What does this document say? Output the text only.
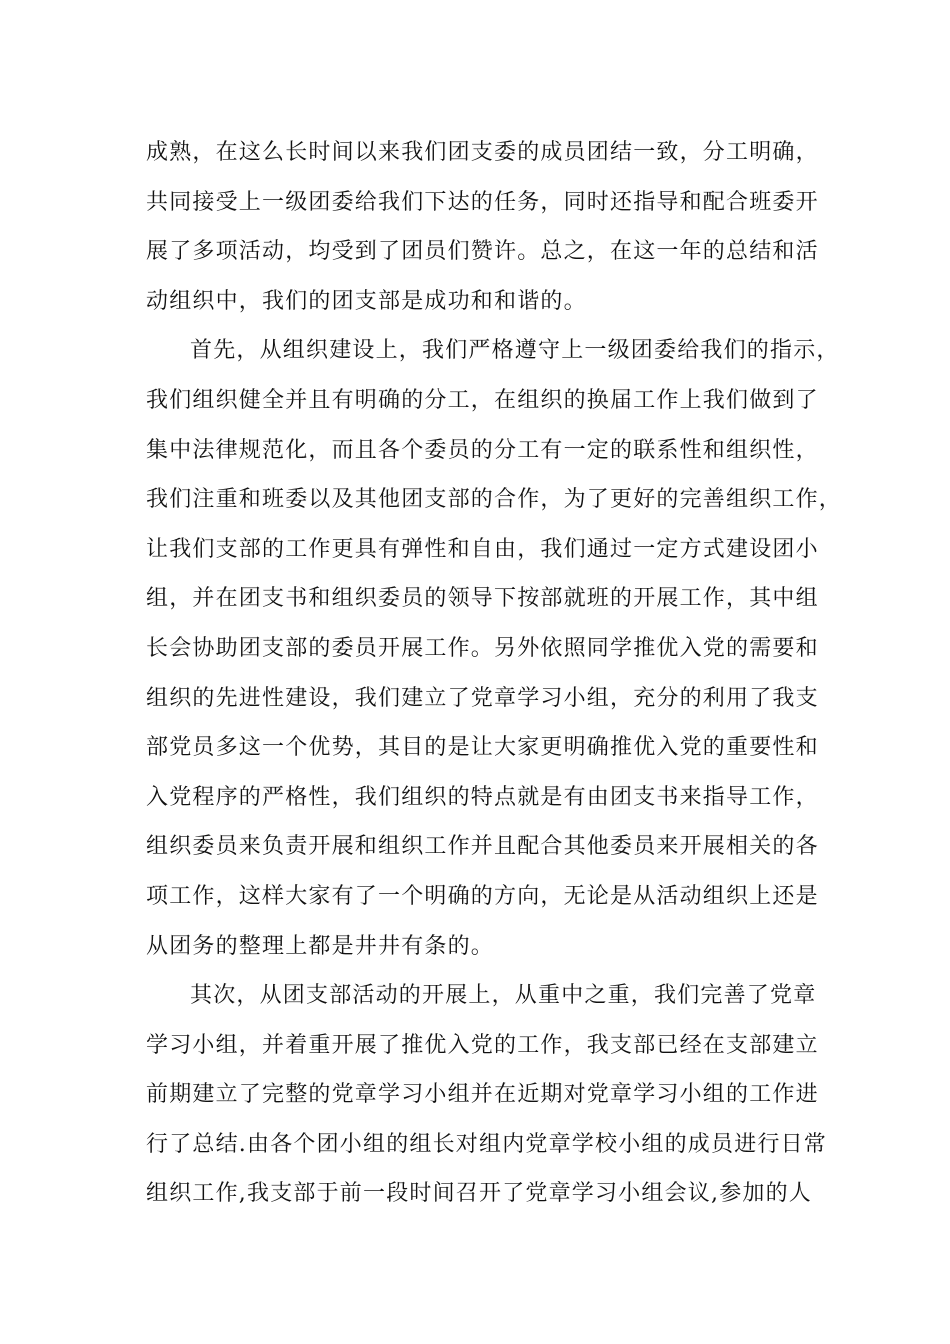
成熟，在这么长时间以来我们团支委的成员团结一致，分工明确，
共同接受上一级团委给我们下达的任务，同时还指导和配合班委开
展了多项活动，均受到了团员们赞许。总之，在这一年的总结和活
动组织中，我们的团支部是成功和和谐的。
首先，从组织建设上，我们严格遵守上一级团委给我们的指示，
我们组织健全并且有明确的分工，在组织的换届工作上我们做到了
集中法律规范化，而且各个委员的分工有一定的联系性和组织性，
我们注重和班委以及其他团支部的合作，为了更好的完善组织工作，
让我们支部的工作更具有弹性和自由，我们通过一定方式建设团小
组，并在团支书和组织委员的领导下按部就班的开展工作，其中组
长会协助团支部的委员开展工作。另外依照同学推优入党的需要和
组织的先进性建设，我们建立了党章学习小组，充分的利用了我支
部党员多这一个优势，其目的是让大家更明确推优入党的重要性和
入党程序的严格性，我们组织的特点就是有由团支书来指导工作，
组织委员来负责开展和组织工作并且配合其他委员来开展相关的各
项工作，这样大家有了一个明确的方向，无论是从活动组织上还是
从团务的整理上都是井井有条的。
其次，从团支部活动的开展上，从重中之重，我们完善了党章
学习小组，并着重开展了推优入党的工作，我支部已经在支部建立
前期建立了完整的党章学习小组并在近期对党章学习小组的工作进
行了总结.由各个团小组的组长对组内党章学校小组的成员进行日常
组织工作,我支部于前一段时间召开了党章学习小组会议,参加的人
